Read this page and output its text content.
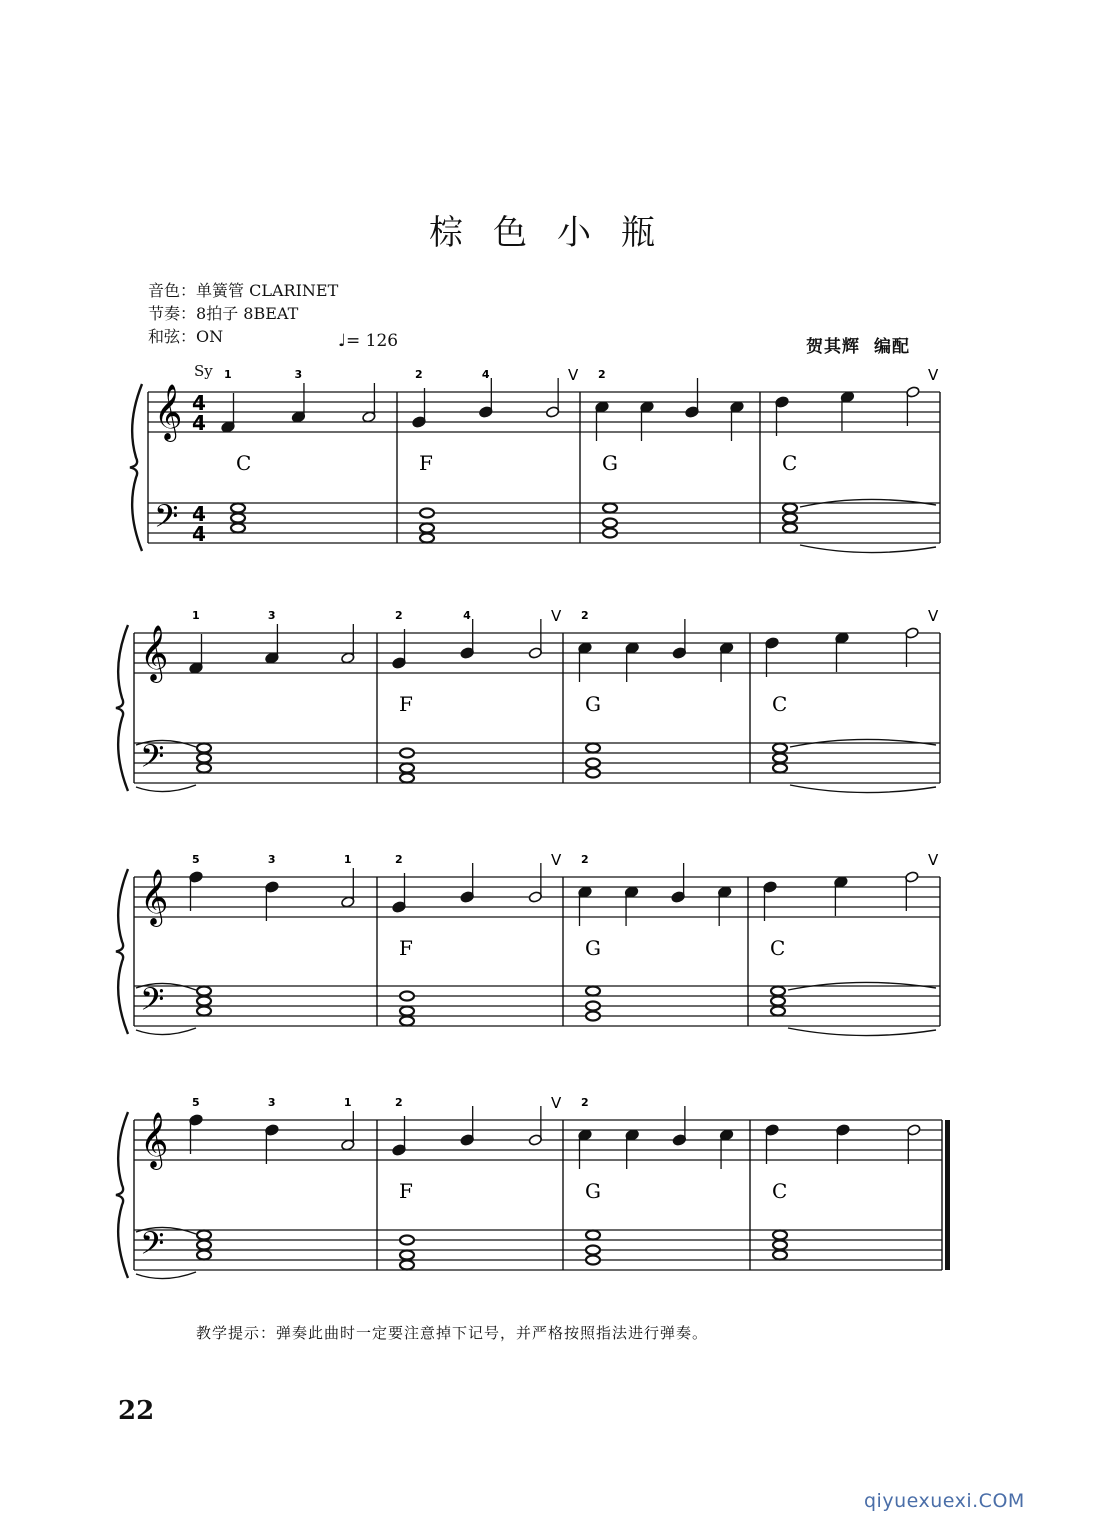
棕色小瓶
音色：单簧管 CLARINET
节奏：8拍子 8BEAT
和弦：ON	♩= 126	贺其辉 编配
Sy
𝄞
𝄢
4
4
4
4
1	3
C
2	4	V
F
2
G
V
C
𝄞
𝄢
1	3	2	4	V
F
2
G
V
C
𝄞
𝄢
5	3	1	2	V
F
2
G
V
C
𝄞
𝄢
5	3	1	2	V
F
2
G	C
教学提示：弹奏此曲时一定要注意掉下记号，并严格按照指法进行弹奏。
22
qiyuexuexi.COM
